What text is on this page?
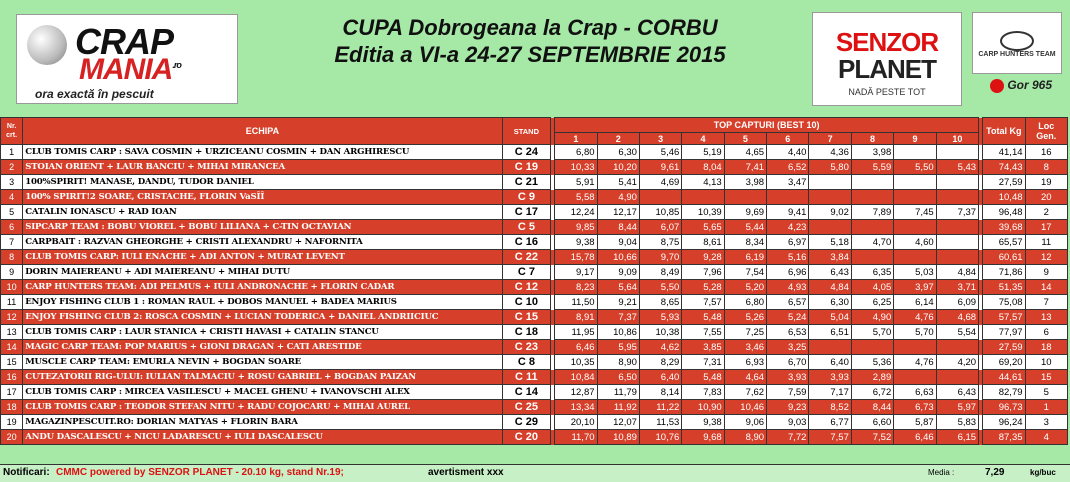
CRAP
$MANIA^{.ro}$
ora exactă în pescuit
CUPA Dobrogeana la Crap - CORBU
Editia a VI-a 24-27 SEPTEMBRIE 2015	SENZOR
PLANET
NADĂ PESTE TOT
CARP HUNTERS TEAM
Gor 965
Nr. crt.	ECHIPA	STAND		TOP CAPTURI (BEST 10)											Total Kg	Loc Gen.
				1	2	3	4	5	6	7	8	9	10			
1	CLUB TOMIS CARP : SAVA COSMIN + URZICEANU COSMIN + DAN ARGHIRESCU	C 24		6,80	6,30	5,46	5,19	4,65	4,40	4,36	3,98				41,14	16
2	STOIAN ORIENT + LAUR BANCIU + MIHAI MIRANCEA	C 19		10,33	10,20	9,61	8,04	7,41	6,52	5,80	5,59	5,50	5,43		74,43	8
3	100%SPIRIT! MANASE, DANDU, TUDOR DANIEL	C 21		5,91	5,41	4,69	4,13	3,98	3,47						27,59	19
4	100% SPIRIT!2 SOARE, CRISTACHE, FLORIN VaSÎÎ	C 9		5,58	4,90										10,48	20
5	CATALIN IONASCU + RAD IOAN	C 17		12,24	12,17	10,85	10,39	9,69	9,41	9,02	7,89	7,45	7,37		96,48	2
6	SIPCARP TEAM : BOBU VIOREL + BOBU LILIANA + C-TIN OCTAVIAN	C 5		9,85	8,44	6,07	5,65	5,44	4,23						39,68	17
7	CARPBAIT : RAZVAN GHEORGHE + CRISTI ALEXANDRU + NAFORNITA	C 16		9,38	9,04	8,75	8,61	8,34	6,97	5,18	4,70	4,60			65,57	11
8	CLUB TOMIS CARP: IULI ENACHE + ADI ANTON + MURAT LEVENT	C 22		15,78	10,66	9,70	9,28	6,19	5,16	3,84					60,61	12
9	DORIN MAIEREANU + ADI MAIEREANU + MIHAI DUTU	C 7		9,17	9,09	8,49	7,96	7,54	6,96	6,43	6,35	5,03	4,84		71,86	9
10	CARP HUNTERS TEAM: ADI PELMUS + IULI ANDRONACHE + FLORIN CADAR	C 12		8,23	5,64	5,50	5,28	5,20	4,93	4,84	4,05	3,97	3,71		51,35	14
11	ENJOY FISHING CLUB 1 : ROMAN RAUL + DOBOS MANUEL + BADEA MARIUS	C 10		11,50	9,21	8,65	7,57	6,80	6,57	6,30	6,25	6,14	6,09		75,08	7
12	ENJOY FISHING CLUB 2: ROSCA COSMIN + LUCIAN TODERICA + DANIEL ANDRIICIUC	C 15		8,91	7,37	5,93	5,48	5,26	5,24	5,04	4,90	4,76	4,68		57,57	13
13	CLUB TOMIS CARP : LAUR STANICA + CRISTI HAVASI + CATALIN STANCU	C 18		11,95	10,86	10,38	7,55	7,25	6,53	6,51	5,70	5,70	5,54		77,97	6
14	MAGIC CARP TEAM: POP MARIUS + GIONI DRAGAN + CATI ARESTIDE	C 23		6,46	5,95	4,62	3,85	3,46	3,25						27,59	18
15	MUSCLE CARP TEAM: EMURLA NEVIN + BOGDAN SOARE	C 8		10,35	8,90	8,29	7,31	6,93	6,70	6,40	5,36	4,76	4,20		69,20	10
16	CUTEZATORII RIG-ULUI: IULIAN TALMACIU + ROSU GABRIEL + BOGDAN PAIZAN	C 11		10,84	6,50	6,40	5,48	4,64	3,93	3,93	2,89				44,61	15
17	CLUB TOMIS CARP : MIRCEA VASILESCU + MACEL GHENU + IVANOVSCHI ALEX	C 14		12,87	11,79	8,14	7,83	7,62	7,59	7,17	6,72	6,63	6,43		82,79	5
18	CLUB TOMIS CARP : TEODOR STEFAN NITU + RADU COJOCARU + MIHAI AUREL	C 25		13,34	11,92	11,22	10,90	10,46	9,23	8,52	8,44	6,73	5,97		96,73	1
19	MAGAZINPESCUIT.RO: DORIAN MATYAS + FLORIN BARA	C 29		20,10	12,07	11,53	9,38	9,06	9,03	6,77	6,60	5,87	5,83		96,24	3
20	ANDU DASCALESCU + NICU LADARESCU + IULI DASCALESCU	C 20		11,70	10,89	10,76	9,68	8,90	7,72	7,57	7,52	6,46	6,15		87,35	4
Notificari: CMMC powered by SENZOR PLANET - 20.10 kg, stand Nr.19;	avertisment xxx	Media :	7,29	kg/buc
